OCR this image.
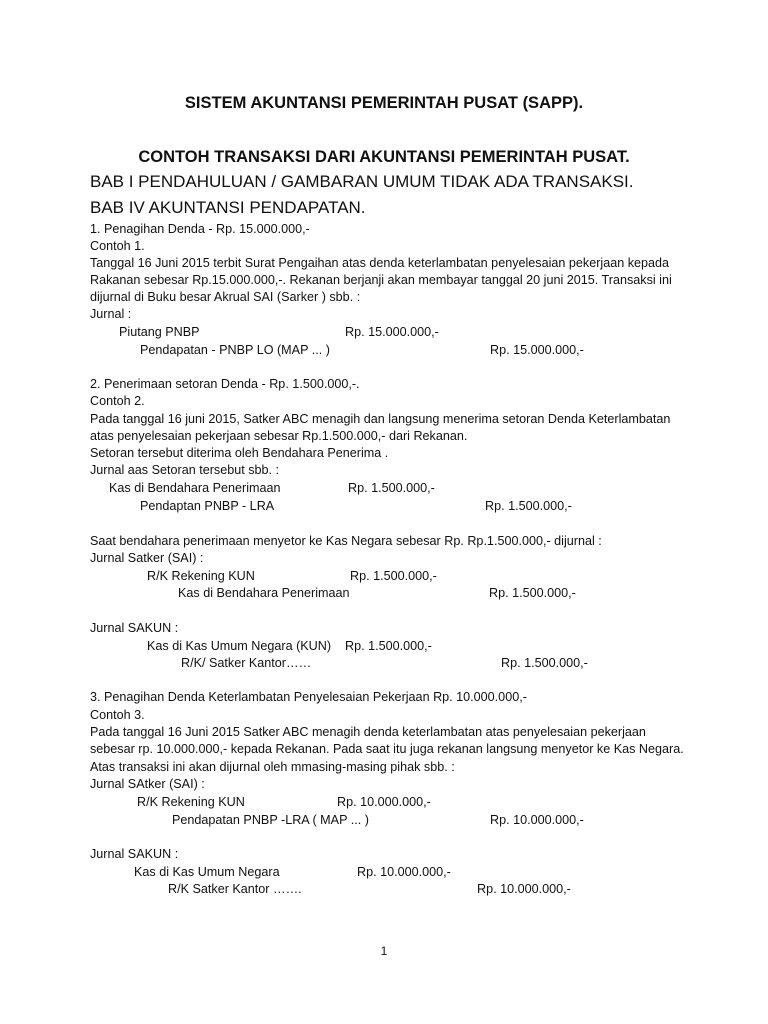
SISTEM AKUNTANSI PEMERINTAH PUSAT (SAPP).
CONTOH TRANSAKSI DARI AKUNTANSI PEMERINTAH PUSAT.
BAB I PENDAHULUAN / GAMBARAN UMUM TIDAK ADA TRANSAKSI.
BAB IV AKUNTANSI PENDAPATAN.
1. Penagihan Denda - Rp. 15.000.000,-
Contoh 1.
Tanggal 16 Juni 2015 terbit Surat Pengaihan atas denda keterlambatan penyelesaian pekerjaan kepada
Rakanan sebesar Rp.15.000.000,-. Rekanan berjanji akan membayar tanggal 20 juni 2015. Transaksi ini
dijurnal di Buku besar Akrual SAI (Sarker ) sbb. :
Jurnal :
Piutang PNBP	Rp. 15.000.000,-
Pendapatan - PNBP LO (MAP ... )	Rp. 15.000.000,-
2. Penerimaan setoran Denda - Rp. 1.500.000,-.
Contoh 2.
Pada tanggal 16 juni 2015, Satker ABC menagih dan langsung menerima setoran Denda Keterlambatan
atas penyelesaian pekerjaan sebesar Rp.1.500.000,- dari Rekanan.
Setoran tersebut diterima oleh Bendahara Penerima .
Jurnal aas Setoran tersebut sbb. :
Kas di Bendahara Penerimaan	Rp. 1.500.000,-
Pendaptan PNBP - LRA	Rp. 1.500.000,-
Saat bendahara penerimaan menyetor ke Kas Negara sebesar Rp. Rp.1.500.000,- dijurnal :
Jurnal Satker (SAI) :
R/K Rekening KUN	Rp. 1.500.000,-
Kas di Bendahara Penerimaan	Rp. 1.500.000,-
Jurnal SAKUN :
Kas di Kas Umum Negara (KUN) Rp. 1.500.000,-
R/K/ Satker Kantor……	Rp. 1.500.000,-
3. Penagihan Denda Keterlambatan Penyelesaian Pekerjaan Rp. 10.000.000,-
Contoh 3.
Pada tanggal 16 Juni 2015 Satker ABC menagih denda keterlambatan atas penyelesaian pekerjaan
sebesar rp. 10.000.000,- kepada Rekanan. Pada saat itu juga rekanan langsung menyetor ke Kas Negara.
Atas transaksi ini akan dijurnal oleh mmasing-masing pihak sbb. :
Jurnal SAtker (SAI) :
R/K Rekening KUN	Rp. 10.000.000,-
Pendapatan PNBP -LRA ( MAP ... )	Rp. 10.000.000,-
Jurnal SAKUN :
Kas di Kas Umum Negara	Rp. 10.000.000,-
R/K Satker Kantor …….	Rp. 10.000.000,-
1
